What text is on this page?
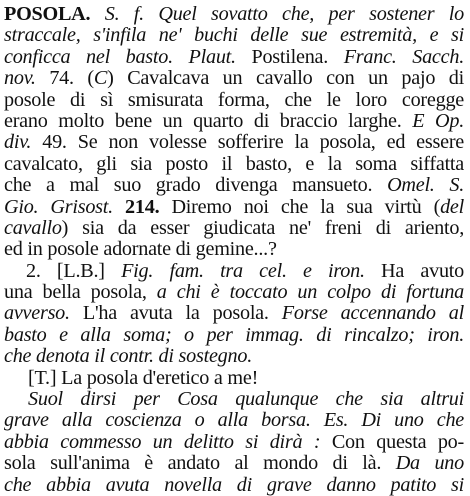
POSOLA. S. f. Quel sovatto che, per sostener lo
straccale, s'infila ne' buchi delle sue estremità, e si
conficca nel basto. Plaut. Postilena. Franc. Sacch.
nov. 74. (C) Cavalcava un cavallo con un pajo di
posole di sì smisurata forma, che le loro coregge
erano molto bene un quarto di braccio larghe. E Op.
div. 49. Se non volesse sofferire la posola, ed essere
cavalcato, gli sia posto il basto, e la soma siffatta
che a mal suo grado divenga mansueto. Omel. S.
Gio. Grisost. 214. Diremo noi che la sua virtù (del
cavallo) sia da esser giudicata ne' freni di ariento,
ed in posole adornate di gemine...?
2. [L.B.] Fig. fam. tra cel. e iron. Ha avuto
una bella posola, a chi è toccato un colpo di fortuna
avverso. L'ha avuta la posola. Forse accennando al
basto e alla soma; o per immag. di rincalzo; iron.
che denota il contr. di sostegno.
[T.] La posola d'eretico a me!
Suol dirsi per Cosa qualunque che sia altrui
grave alla coscienza o alla borsa. Es. Di uno che
abbia commesso un delitto si dirà : Con questa po-
sola sull'anima è andato al mondo di là. Da uno
che abbia avuta novella di grave danno patito si
